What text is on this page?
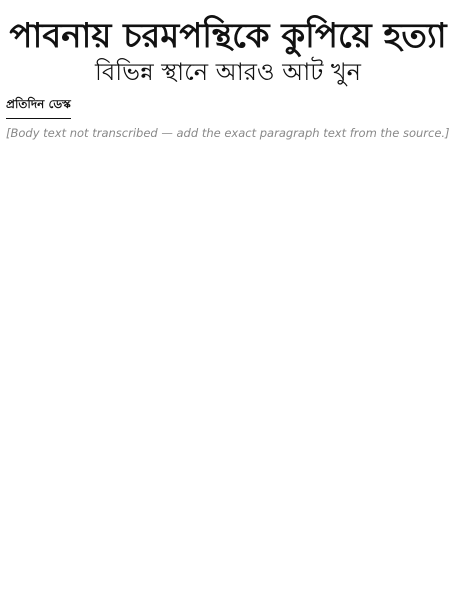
পাবনায় চরমপন্থিকে কুপিয়ে হত্যা
বিভিন্ন স্থানে আরও আট খুন
প্রতিদিন ডেস্ক

[Body text not transcribed — add the exact paragraph text from the source.]
